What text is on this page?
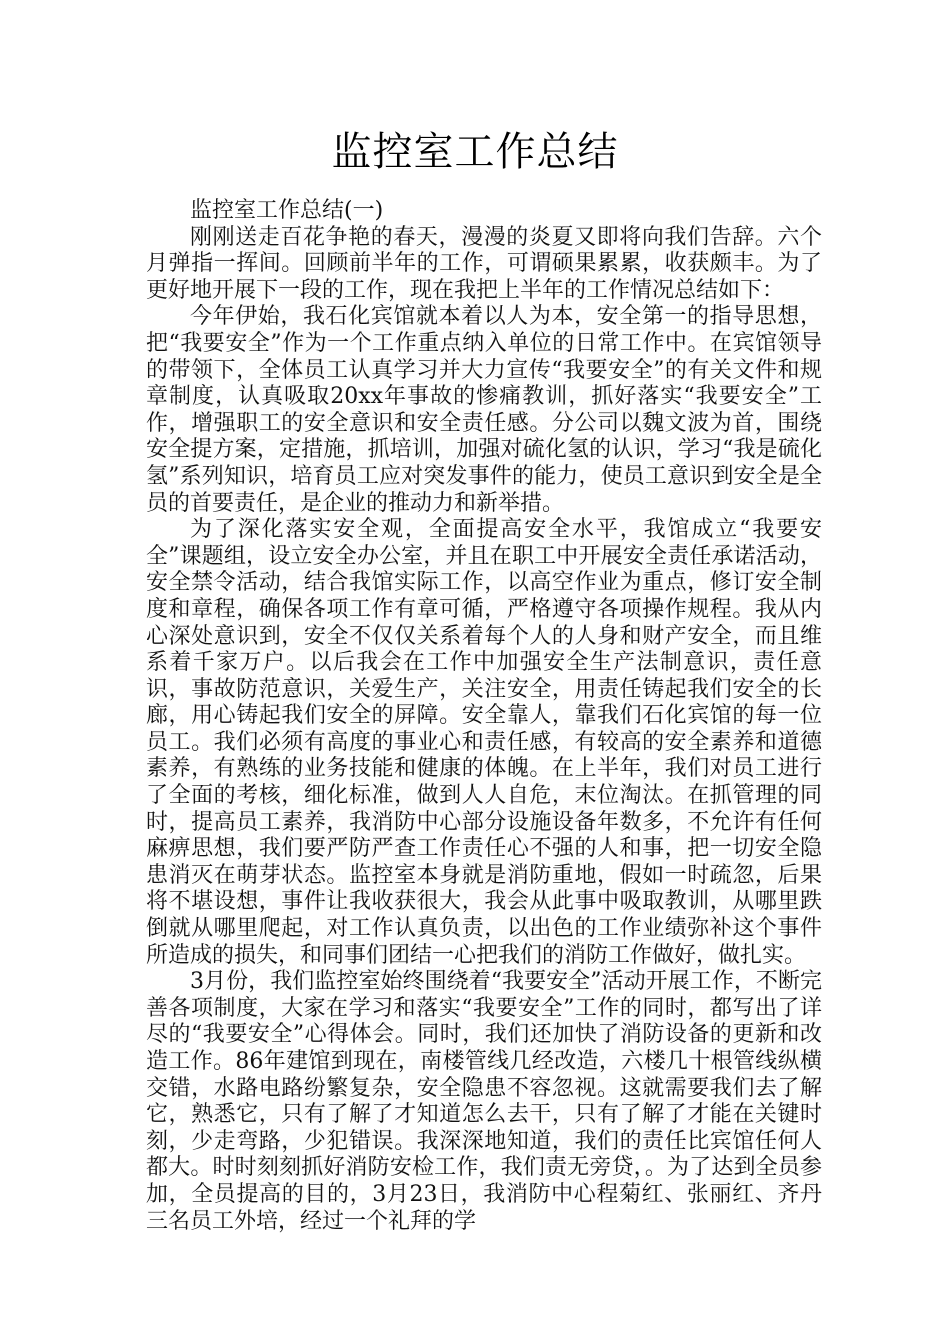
监控室工作总结

监控室工作总结(一)

刚刚送走百花争艳的春天，漫漫的炎夏又即将向我们告辞。六个月弹指一挥间。回顾前半年的工作，可谓硕果累累，收获颇丰。为了更好地开展下一段的工作，现在我把上半年的工作情况总结如下：

今年伊始，我石化宾馆就本着以人为本，安全第一的指导思想，把“我要安全”作为一个工作重点纳入单位的日常工作中。在宾馆领导的带领下，全体员工认真学习并大力宣传“我要安全”的有关文件和规章制度，认真吸取20xx年事故的惨痛教训，抓好落实“我要安全”工作，增强职工的安全意识和安全责任感。分公司以魏文波为首，围绕安全提方案，定措施，抓培训，加强对硫化氢的认识，学习“我是硫化氢”系列知识，培育员工应对突发事件的能力，使员工意识到安全是全员的首要责任，是企业的推动力和新举措。

为了深化落实安全观，全面提高安全水平，我馆成立“我要安全”课题组，设立安全办公室，并且在职工中开展安全责任承诺活动，安全禁令活动，结合我馆实际工作，以高空作业为重点，修订安全制度和章程，确保各项工作有章可循，严格遵守各项操作规程。我从内心深处意识到，安全不仅仅关系着每个人的人身和财产安全，而且维系着千家万户。以后我会在工作中加强安全生产法制意识，责任意识，事故防范意识，关爱生产，关注安全，用责任铸起我们安全的长廊，用心铸起我们安全的屏障。安全靠人，靠我们石化宾馆的每一位员工。我们必须有高度的事业心和责任感，有较高的安全素养和道德素养，有熟练的业务技能和健康的体魄。在上半年，我们对员工进行了全面的考核，细化标准，做到人人自危，末位淘汰。在抓管理的同时，提高员工素养，我消防中心部分设施设备年数多，不允许有任何麻痹思想，我们要严防严查工作责任心不强的人和事，把一切安全隐患消灭在萌芽状态。监控室本身就是消防重地，假如一时疏忽，后果将不堪设想，事件让我收获很大，我会从此事中吸取教训，从哪里跌倒就从哪里爬起，对工作认真负责，以出色的工作业绩弥补这个事件所造成的损失，和同事们团结一心把我们的消防工作做好，做扎实。

3月份，我们监控室始终围绕着“我要安全”活动开展工作，不断完善各项制度，大家在学习和落实“我要安全”工作的同时，都写出了详尽的“我要安全”心得体会。同时，我们还加快了消防设备的更新和改造工作。86年建馆到现在，南楼管线几经改造，六楼几十根管线纵横交错，水路电路纷繁复杂，安全隐患不容忽视。这就需要我们去了解它，熟悉它，只有了解了才知道怎么去干，只有了解了才能在关键时刻，少走弯路，少犯错误。我深深地知道，我们的责任比宾馆任何人都大。时时刻刻抓好消防安检工作，我们责无旁贷，。为了达到全员参加，全员提高的目的，3月23日，我消防中心程菊红、张丽红、齐丹三名员工外培，经过一个礼拜的学
